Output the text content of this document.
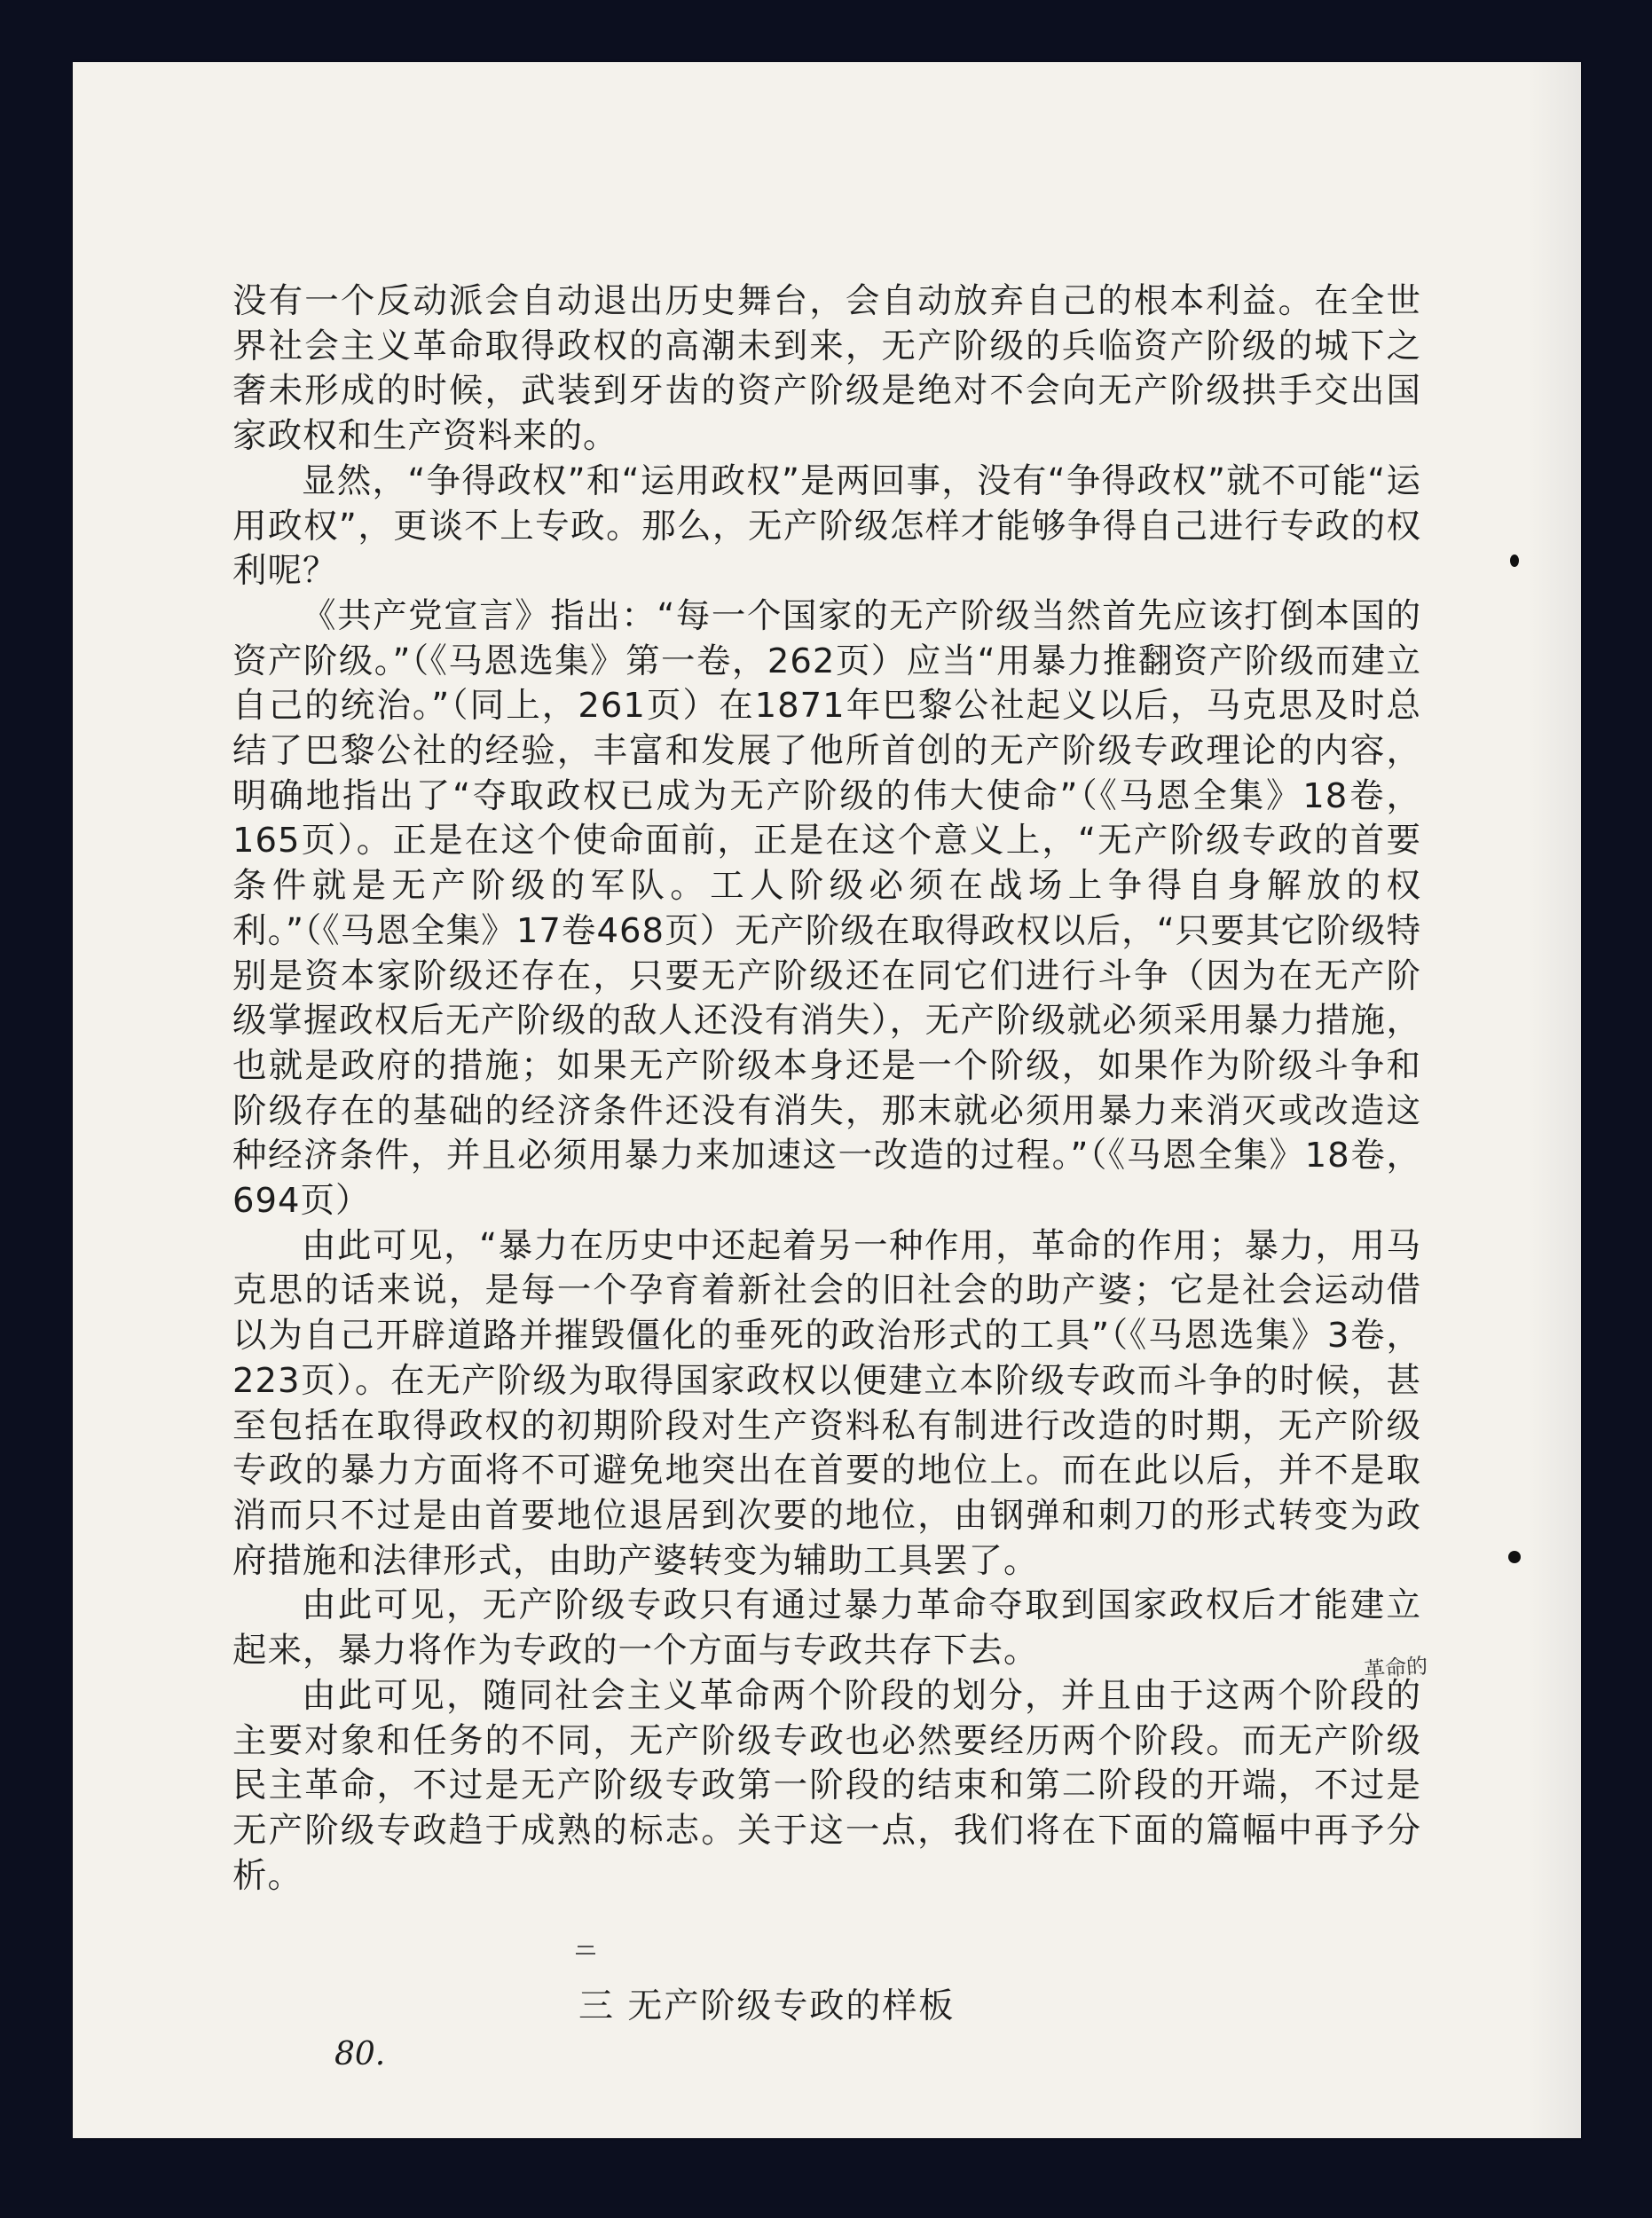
没有一个反动派会自动退出历史舞台，会自动放弃自己的根本利益。在全世界社会主义革命取得政权的高潮未到来，无产阶级的兵临资产阶级的城下之奢未形成的时候，武装到牙齿的资产阶级是绝对不会向无产阶级拱手交出国家政权和生产资料来的。

显然，“争得政权”和“运用政权”是两回事，没有“争得政权”就不可能“运用政权”，更谈不上专政。那么，无产阶级怎样才能够争得自己进行专政的权利呢？

《共产党宣言》指出：“每一个国家的无产阶级当然首先应该打倒本国的资产阶级。”（《马恩选集》第一卷，262页）应当“用暴力推翻资产阶级而建立自己的统治。”（同上，261页）在1871年巴黎公社起义以后，马克思及时总结了巴黎公社的经验，丰富和发展了他所首创的无产阶级专政理论的内容，明确地指出了“夺取政权已成为无产阶级的伟大使命”（《马恩全集》18卷，165页）。正是在这个使命面前，正是在这个意义上，“无产阶级专政的首要条件就是无产阶级的军队。工人阶级必须在战场上争得自身解放的权利。”（《马恩全集》17卷468页）无产阶级在取得政权以后，“只要其它阶级特别是资本家阶级还存在，只要无产阶级还在同它们进行斗争（因为在无产阶级掌握政权后无产阶级的敌人还没有消失），无产阶级就必须采用暴力措施，也就是政府的措施；如果无产阶级本身还是一个阶级，如果作为阶级斗争和阶级存在的基础的经济条件还没有消失，那末就必须用暴力来消灭或改造这种经济条件，并且必须用暴力来加速这一改造的过程。”（《马恩全集》18卷，694页）

由此可见，“暴力在历史中还起着另一种作用，革命的作用；暴力，用马克思的话来说，是每一个孕育着新社会的旧社会的助产婆；它是社会运动借以为自己开辟道路并摧毁僵化的垂死的政治形式的工具”（《马恩选集》3卷，223页）。在无产阶级为取得国家政权以便建立本阶级专政而斗争的时候，甚至包括在取得政权的初期阶段对生产资料私有制进行改造的时期，无产阶级专政的暴力方面将不可避免地突出在首要的地位上。而在此以后，并不是取消而只不过是由首要地位退居到次要的地位，由钢弹和刺刀的形式转变为政府措施和法律形式，由助产婆转变为辅助工具罢了。

由此可见，无产阶级专政只有通过暴力革命夺取到国家政权后才能建立起来，暴力将作为专政的一个方面与专政共存下去。

由此可见，随同社会主义革命两个阶段的划分，并且由于这两个阶段的主要对象和任务的不同，无产阶级专政也必然要经历两个阶段。而无产阶级民主革命，不过是无产阶级专政第一阶段的结束和第二阶段的开端，不过是无产阶级专政趋于成熟的标志。关于这一点，我们将在下面的篇幅中再予分析。

革命的
三 无产阶级专政的样板
80.
